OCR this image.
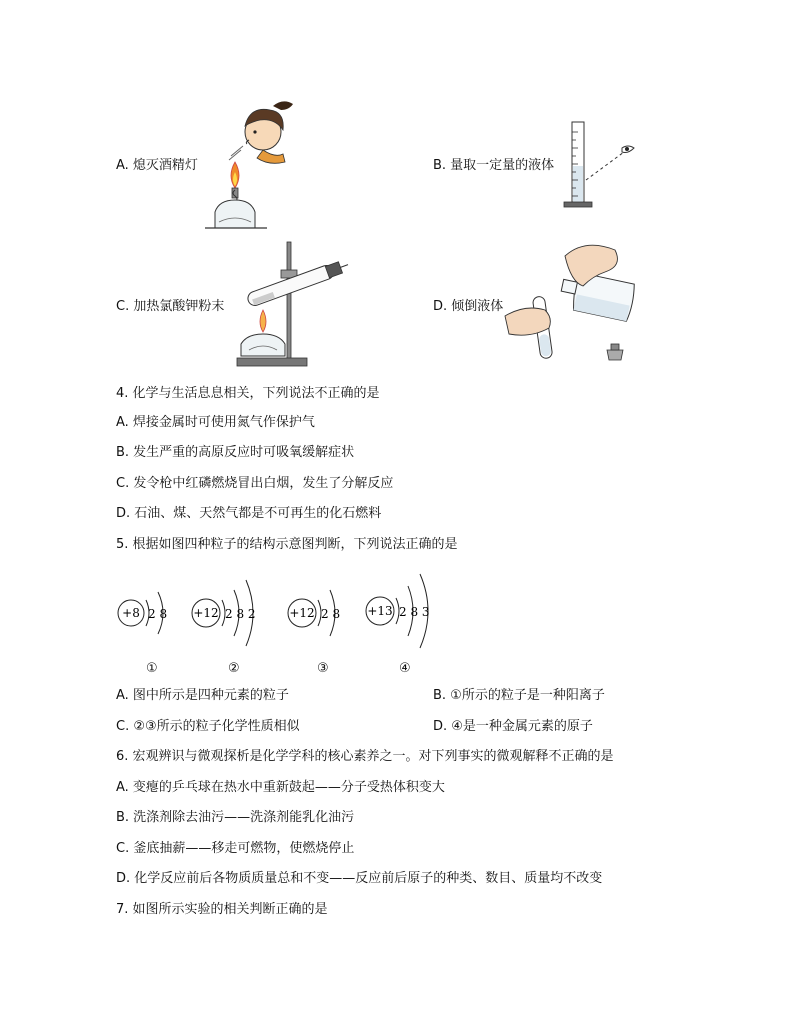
A. 熄灭酒精灯	B. 量取一定量的液体
C. 加热氯酸钾粉末	D. 倾倒液体
4. 化学与生活息息相关，下列说法不正确的是
A. 焊接金属时可使用氮气作保护气
B. 发生严重的高原反应时可吸氧缓解症状
C. 发令枪中红磷燃烧冒出白烟，发生了分解反应
D. 石油、煤、天然气都是不可再生的化石燃料
5. 根据如图四种粒子的结构示意图判断，下列说法正确的是
+8 2 8 +12 2 8 2	+12 2 8 +13 2 8 3
①	②	③	④
A. 图中所示是四种元素的粒子	B. ①所示的粒子是一种阳离子
C. ②③所示的粒子化学性质相似	D. ④是一种金属元素的原子
6. 宏观辨识与微观探析是化学学科的核心素养之一。对下列事实的微观解释不正确的是
A. 变瘪的乒乓球在热水中重新鼓起——分子受热体积变大
B. 洗涤剂除去油污——洗涤剂能乳化油污
C. 釜底抽薪——移走可燃物，使燃烧停止
D. 化学反应前后各物质质量总和不变——反应前后原子的种类、数目、质量均不改变
7. 如图所示实验的相关判断正确的是
